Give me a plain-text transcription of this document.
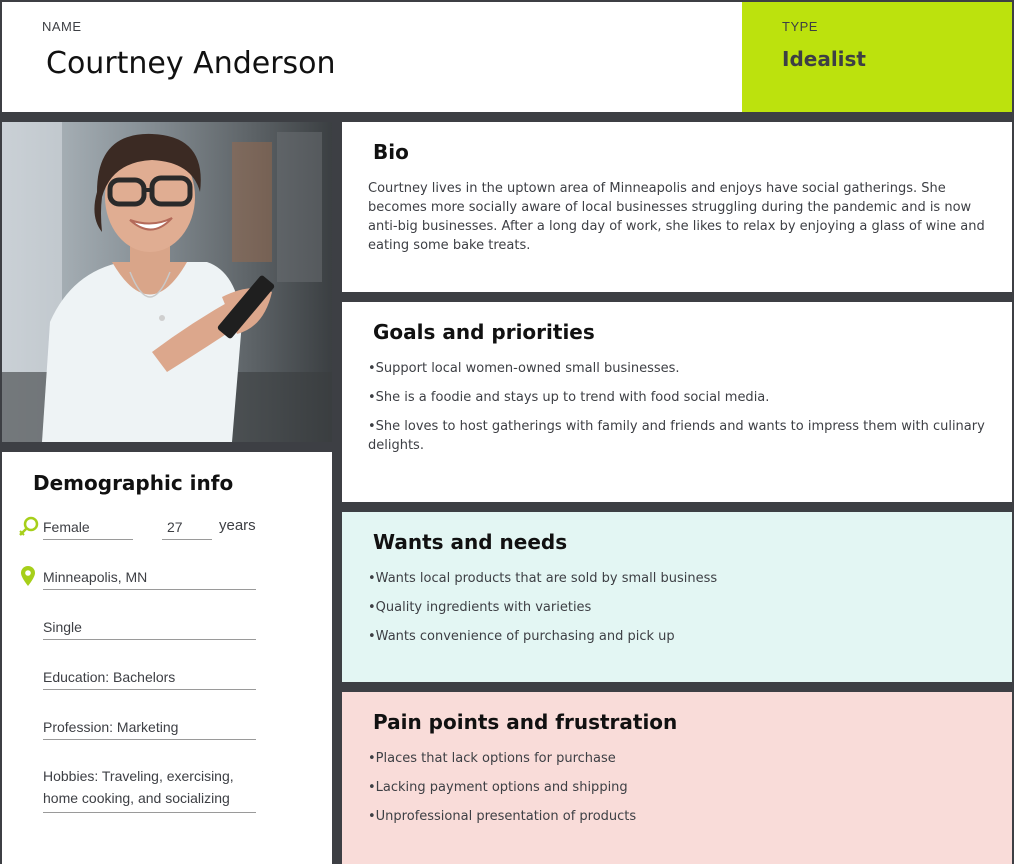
NAME
Courtney Anderson
TYPE
Idealist
Demographic info
Female	27	years
Minneapolis, MN
Single
Education: Bachelors
Profession: Marketing
Hobbies: Traveling, exercising, home cooking, and socializing
Bio

Courtney lives in the uptown area of Minneapolis and enjoys have social gatherings. She becomes more socially aware of local businesses struggling during the pandemic and is now anti-big businesses. After a long day of work, she likes to relax by enjoying a glass of wine and eating some bake treats.

Goals and priorities
• Support local women-owned small businesses.
• She is a foodie and stays up to trend with food social media.
• She loves to host gatherings with family and friends and wants to impress them with culinary delights.
Wants and needs
• Wants local products that are sold by small business
• Quality ingredients with varieties
• Wants convenience of purchasing and pick up
Pain points and frustration
• Places that lack options for purchase
• Lacking payment options and shipping
• Unprofessional presentation of products
